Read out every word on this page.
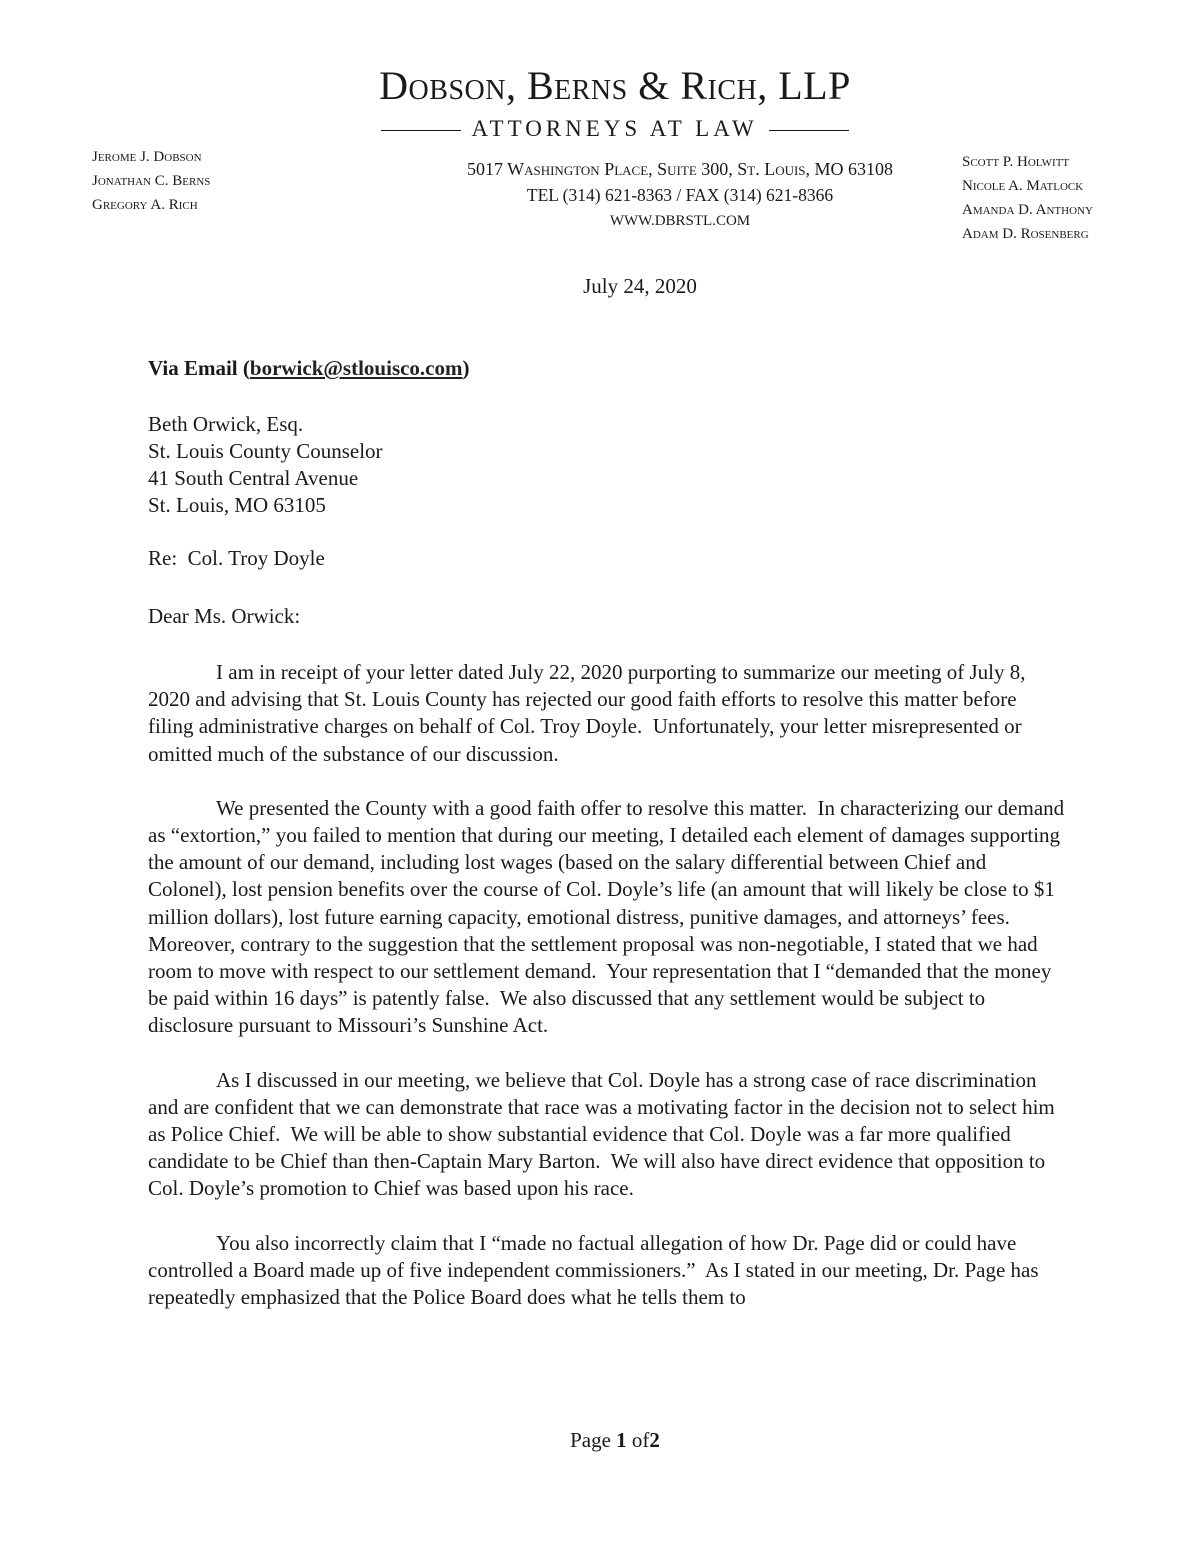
Dobson, Berns & Rich, LLP
ATTORNEYS AT LAW
Jerome J. Dobson
Jonathan C. Berns
Gregory A. Rich
5017 Washington Place, Suite 300, St. Louis, MO 63108
TEL (314) 621-8363 / FAX (314) 621-8366
WWW.DBRSTL.COM
Scott P. Holwitt
Nicole A. Matlock
Amanda D. Anthony
Adam D. Rosenberg
July 24, 2020
Via Email (borwick@stlouisco.com)
Beth Orwick, Esq.
St. Louis County Counselor
41 South Central Avenue
St. Louis, MO 63105
Re:  Col. Troy Doyle
Dear Ms. Orwick:

I am in receipt of your letter dated July 22, 2020 purporting to summarize our meeting of July 8, 2020 and advising that St. Louis County has rejected our good faith efforts to resolve this matter before filing administrative charges on behalf of Col. Troy Doyle.  Unfortunately, your letter misrepresented or omitted much of the substance of our discussion.

We presented the County with a good faith offer to resolve this matter.  In characterizing our demand as “extortion,” you failed to mention that during our meeting, I detailed each element of damages supporting the amount of our demand, including lost wages (based on the salary differential between Chief and Colonel), lost pension benefits over the course of Col. Doyle’s life (an amount that will likely be close to $1 million dollars), lost future earning capacity, emotional distress, punitive damages, and attorneys’ fees.  Moreover, contrary to the suggestion that the settlement proposal was non-negotiable, I stated that we had room to move with respect to our settlement demand.  Your representation that I “demanded that the money be paid within 16 days” is patently false.  We also discussed that any settlement would be subject to disclosure pursuant to Missouri’s Sunshine Act.

As I discussed in our meeting, we believe that Col. Doyle has a strong case of race discrimination and are confident that we can demonstrate that race was a motivating factor in the decision not to select him as Police Chief.  We will be able to show substantial evidence that Col. Doyle was a far more qualified candidate to be Chief than then-Captain Mary Barton.  We will also have direct evidence that opposition to Col. Doyle’s promotion to Chief was based upon his race.

You also incorrectly claim that I “made no factual allegation of how Dr. Page did or could have controlled a Board made up of five independent commissioners.”  As I stated in our meeting, Dr. Page has repeatedly emphasized that the Police Board does what he tells them to

Page 1 of2
